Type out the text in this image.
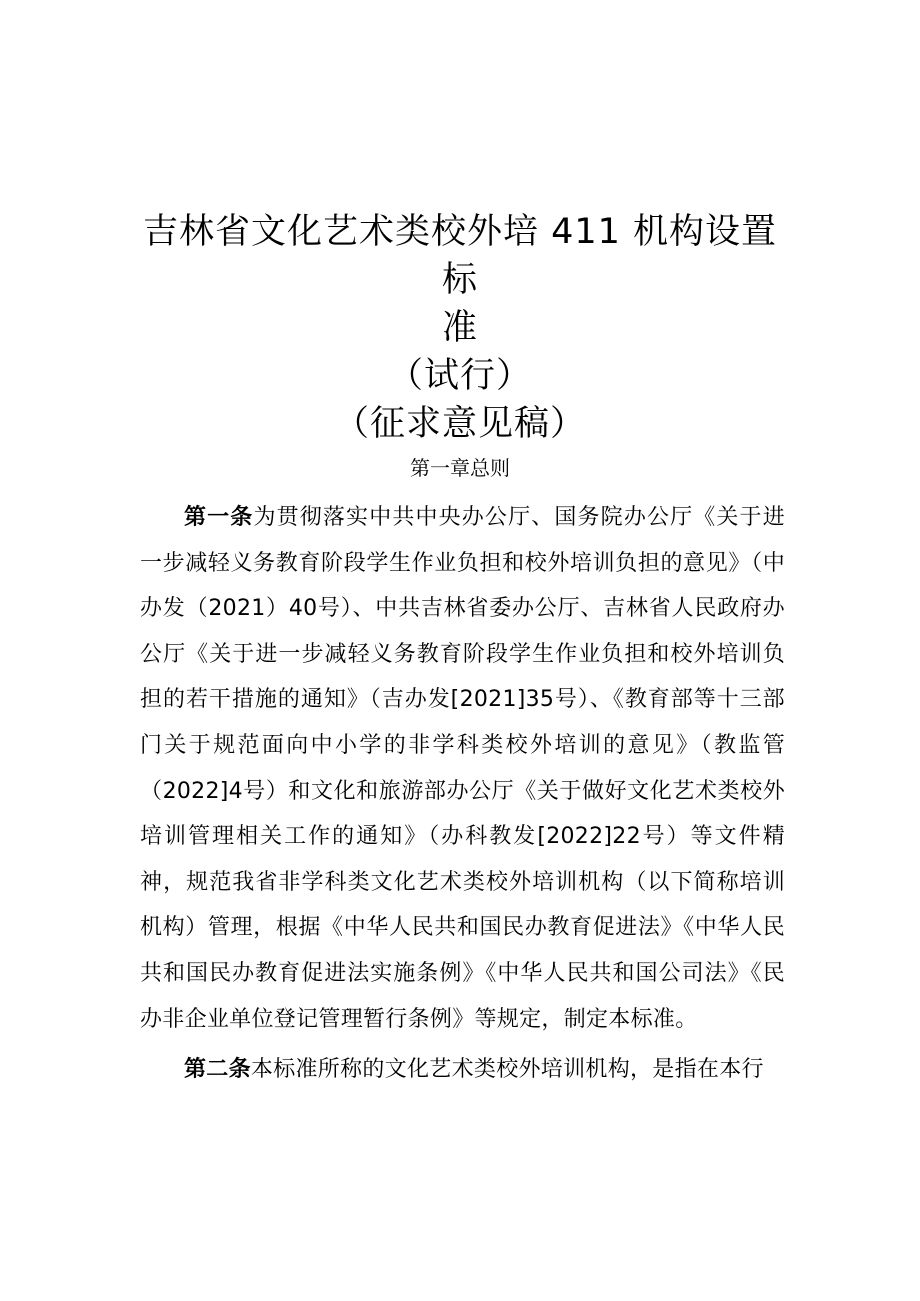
吉林省文化艺术类校外培 411 机构设置标

准

（试行）

（征求意见稿）

第一章总则

第一条为贯彻落实中共中央办公厅、国务院办公厅《关于进一步减轻义务教育阶段学生作业负担和校外培训负担的意见》（中办发（2021）40号）、中共吉林省委办公厅、吉林省人民政府办公厅《关于进一步减轻义务教育阶段学生作业负担和校外培训负担的若干措施的通知》（吉办发[2021]35号）、《教育部等十三部门关于规范面向中小学的非学科类校外培训的意见》（教监管（2022]4号）和文化和旅游部办公厅《关于做好文化艺术类校外培训管理相关工作的通知》（办科教发[2022]22号）等文件精神，规范我省非学科类文化艺术类校外培训机构（以下简称培训机构）管理，根据《中华人民共和国民办教育促进法》《中华人民共和国民办教育促进法实施条例》《中华人民共和国公司法》《民办非企业单位登记管理暂行条例》等规定，制定本标准。

第二条本标准所称的文化艺术类校外培训机构，是指在本行
